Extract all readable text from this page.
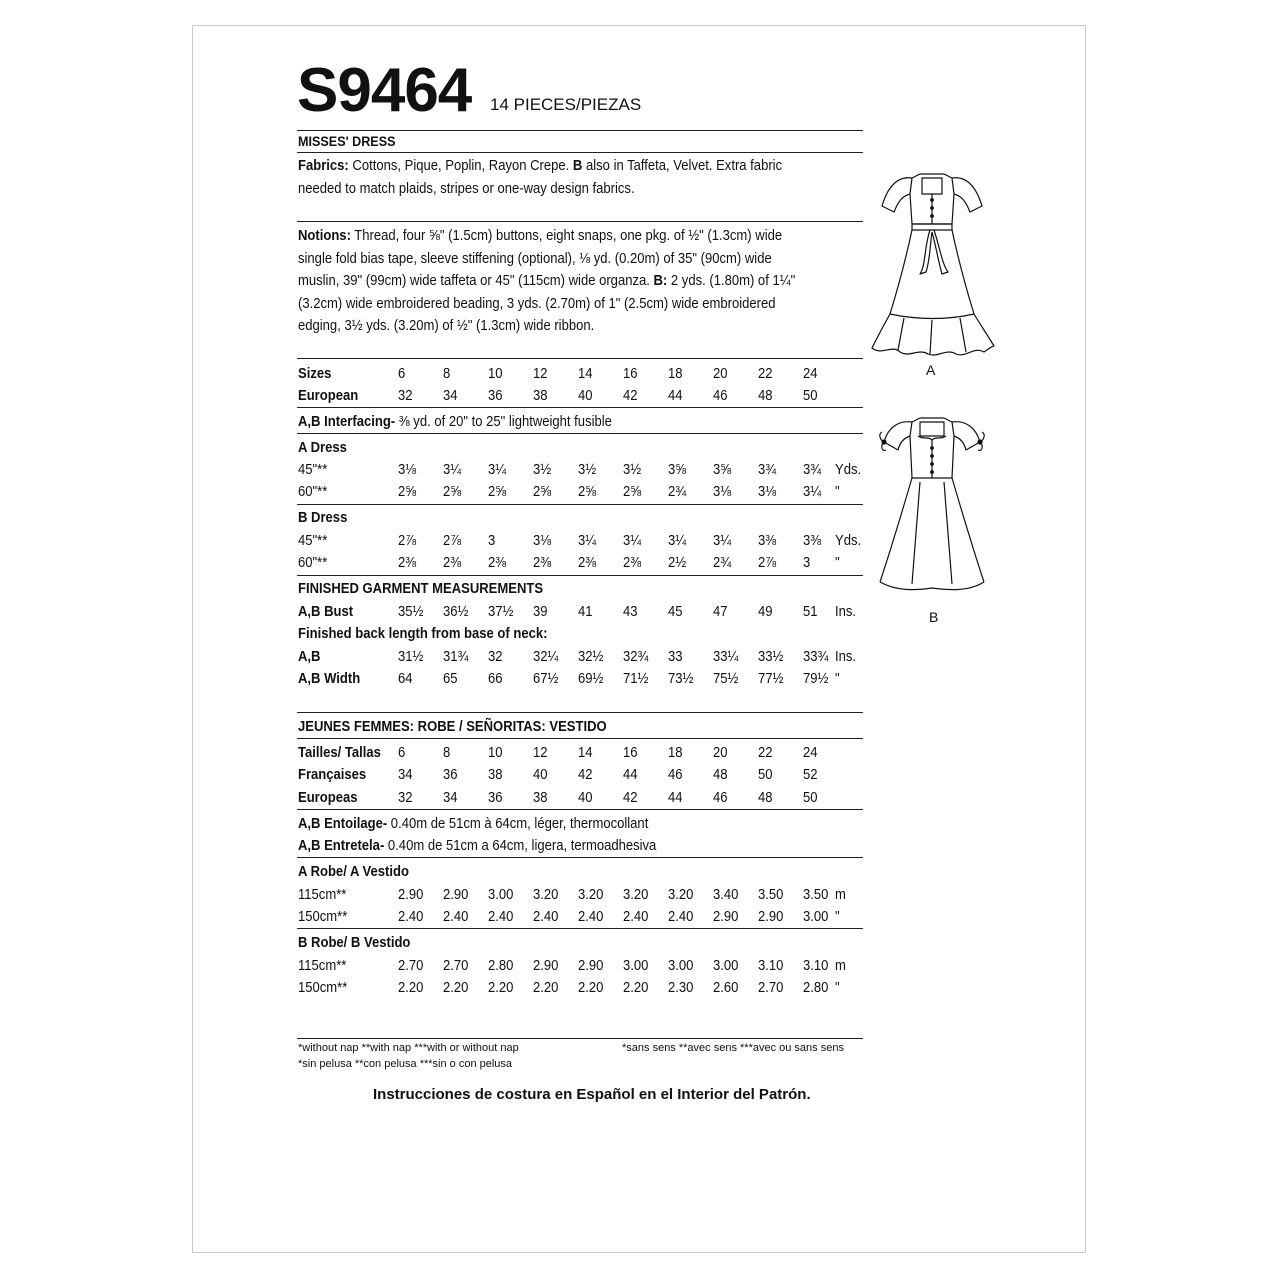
S9464 14 PIECES/PIEZAS
MISSES' DRESS
Fabrics: Cottons, Pique, Poplin, Rayon Crepe. B also in Taffeta, Velvet. Extra fabric
needed to match plaids, stripes or one-way design fabrics.
Notions: Thread, four ⅝" (1.5cm) buttons, eight snaps, one pkg. of ½" (1.3cm) wide
single fold bias tape, sleeve stiffening (optional), ⅛ yd. (0.20m) of 35" (90cm) wide
muslin, 39" (99cm) wide taffeta or 45" (115cm) wide organza. B: 2 yds. (1.80m) of 1¼"
(3.2cm) wide embroidered beading, 3 yds. (2.70m) of 1" (2.5cm) wide embroidered
edging, 3½ yds. (3.20m) of ½" (1.3cm) wide ribbon.
Sizes	6	8	10 12 14 16 18 20 22 24
European	32 34 36 38 40 42 44 46 48 50
A,B Interfacing- ⅜ yd. of 20" to 25" lightweight fusible
A Dress
45"**	3⅛ 3¼ 3¼ 3½ 3½ 3½ 3⅝ 3⅝ 3¾ 3¾ Yds.
60"**	2⅝ 2⅝ 2⅝ 2⅝ 2⅝ 2⅝ 2¾ 3⅛ 3⅛ 3¼ "
B Dress
45"**	2⅞ 2⅞ 3	3⅛ 3¼ 3¼ 3¼ 3¼ 3⅜ 3⅜ Yds.
60"**	2⅜ 2⅜ 2⅜ 2⅜ 2⅜ 2⅜ 2½ 2¾ 2⅞ 3 "
FINISHED GARMENT MEASUREMENTS
A,B Bust	35½ 36½ 37½ 39 41 43 45 47 49 51 Ins.
Finished back length from base of neck:
A,B	31½ 31¾ 32 32¼ 32½ 32¾ 33 33¼ 33½ 33¾ Ins.
A,B Width	64 65 66 67½ 69½ 71½ 73½ 75½ 77½ 79½ "
JEUNES FEMMES: ROBE / SEÑORITAS: VESTIDO
Tailles/ Tallas 6	8	10 12 14 16 18 20 22 24
Françaises 34 36 38 40 42 44 46 48 50 52
Europeas	32 34 36 38 40 42 44 46 48 50
A,B Entoilage- 0.40m de 51cm à 64cm, léger, thermocollant
A,B Entretela- 0.40m de 51cm a 64cm, ligera, termoadhesiva
A Robe/ A Vestido
115cm**	2.90 2.90 3.00 3.20 3.20 3.20 3.20 3.40 3.50 3.50 m
150cm**	2.40 2.40 2.40 2.40 2.40 2.40 2.40 2.90 2.90 3.00 "
B Robe/ B Vestido
115cm**	2.70 2.70 2.80 2.90 2.90 3.00 3.00 3.00 3.10 3.10 m
150cm**	2.20 2.20 2.20 2.20 2.20 2.20 2.30 2.60 2.70 2.80 "
*without nap **with nap ***with or without nap
*sin pelusa **con pelusa ***sin o con pelusa
*sans sens **avec sens ***avec ou sans sens
Instrucciones de costura en Español en el Interior del Patrón.
A
B
